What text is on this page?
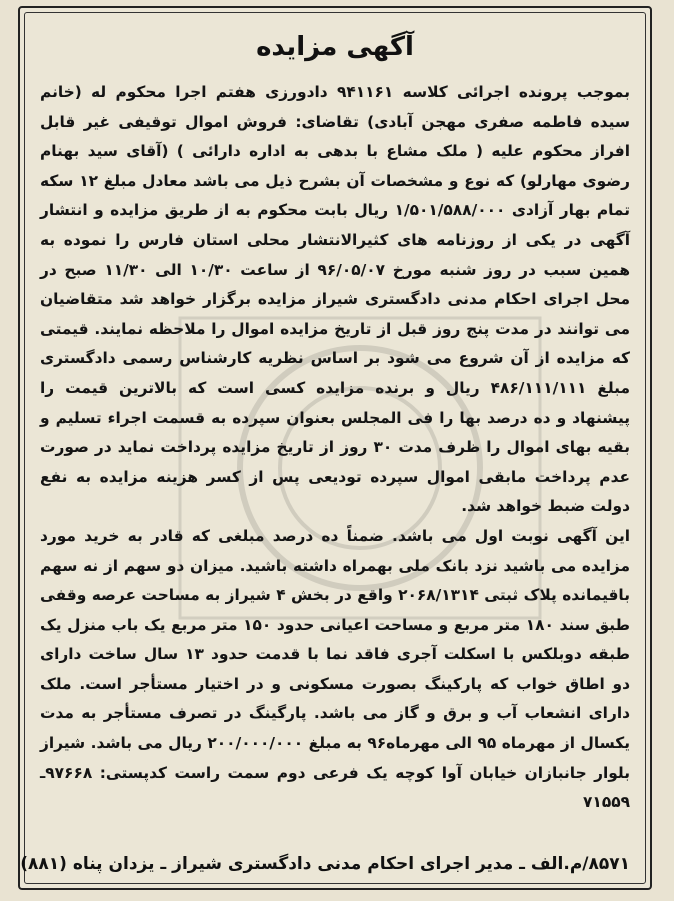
آگهی مزایده

بموجب پرونده اجرائی کلاسه ۹۴۱۱۶۱ دادورزی هفتم اجرا محکوم له (خانم سیده فاطمه صفری مهجن آبادی) تقاضای: فروش اموال توقیفی غیر قابل افراز محکوم علیه ( ملک مشاع با بدهی به اداره دارائی ) (آقای سید بهنام رضوی مهارلو) که نوع و مشخصات آن بشرح ذیل می باشد معادل مبلغ ۱۲ سکه تمام بهار آزادی ۱/۵۰۱/۵۸۸/۰۰۰ ریال بابت محکوم به از طریق مزایده و انتشار آگهی در یکی از روزنامه های کثیرالانتشار محلی استان فارس را نموده به همین سبب در روز شنبه مورخ ۹۶/۰۵/۰۷ از ساعت ۱۰/۳۰ الی ۱۱/۳۰ صبح در محل اجرای احکام مدنی دادگستری شیراز مزایده برگزار خواهد شد متقاضیان می توانند در مدت پنج روز قبل از تاریخ مزایده اموال را ملاحظه نمایند. قیمتی که مزایده از آن شروع می شود بر اساس نظریه کارشناس رسمی دادگستری مبلغ ۴۸۶/۱۱۱/۱۱۱ ریال و برنده مزایده کسی است که بالاترین قیمت را پیشنهاد و ده درصد بها را فی المجلس بعنوان سپرده به قسمت اجراء تسلیم و بقیه بهای اموال را ظرف مدت ۳۰ روز از تاریخ مزایده پرداخت نماید در صورت عدم پرداخت مابقی اموال سپرده تودیعی پس از کسر هزینه مزایده به نفع دولت ضبط خواهد شد.

این آگهی نوبت اول می باشد. ضمناً ده درصد مبلغی که قادر به خرید مورد مزایده می باشید نزد بانک ملی بهمراه داشته باشید. میزان دو سهم از نه سهم باقیمانده پلاک ثبتی ۲۰۶۸/۱۳۱۴ واقع در بخش ۴ شیراز به مساحت عرصه وقفی طبق سند ۱۸۰ متر مربع و مساحت اعیانی حدود ۱۵۰ متر مربع یک باب منزل یک طبقه دوبلکس با اسکلت آجری فاقد نما با قدمت حدود ۱۳ سال ساخت دارای دو اطاق خواب که پارکینگ بصورت مسکونی و در اختیار مستأجر است. ملک دارای انشعاب آب و برق و گاز می باشد. پارگینگ در تصرف مستأجر به مدت یکسال از مهرماه ۹۵ الی مهرماه۹۶ به مبلغ ۲۰۰/۰۰۰/۰۰۰ ریال می باشد. شیراز بلوار جانبازان خیابان آوا کوچه یک فرعی دوم سمت راست کدپستی: ۹۷۶۶۸ـ ۷۱۵۵۹

۸۵۷۱/م.الف ـ مدیر اجرای احکام مدنی دادگستری شیراز ـ یزدان پناه (۸۸۱)
